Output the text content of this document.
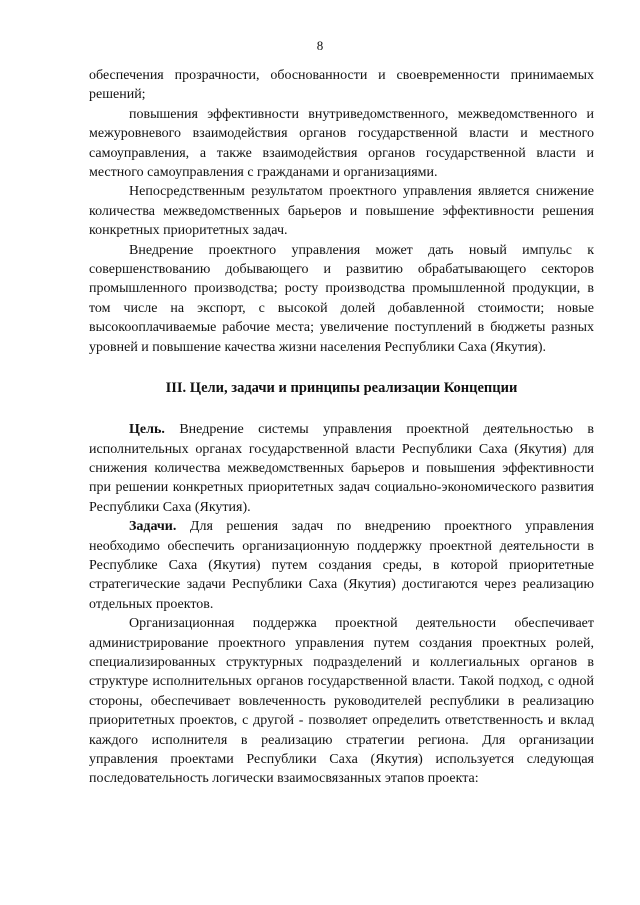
8

обеспечения прозрачности, обоснованности и своевременности принимаемых решений;

повышения эффективности внутриведомственного, межведомственного и межуровневого взаимодействия органов государственной власти и местного самоуправления, а также взаимодействия органов государственной власти и местного самоуправления с гражданами и организациями.

Непосредственным результатом проектного управления является снижение количества межведомственных барьеров и повышение эффективности решения конкретных приоритетных задач.

Внедрение проектного управления может дать новый импульс к совершенствованию добывающего и развитию обрабатывающего секторов промышленного производства; росту производства промышленной продукции, в том числе на экспорт, с высокой долей добавленной стоимости; новые высокооплачиваемые рабочие места; увеличение поступлений в бюджеты разных уровней и повышение качества жизни населения Республики Саха (Якутия).

III. Цели, задачи и принципы реализации Концепции

Цель. Внедрение системы управления проектной деятельностью в исполнительных органах государственной власти Республики Саха (Якутия) для снижения количества межведомственных барьеров и повышения эффективности при решении конкретных приоритетных задач социально-экономического развития Республики Саха (Якутия).

Задачи. Для решения задач по внедрению проектного управления необходимо обеспечить организационную поддержку проектной деятельности в Республике Саха (Якутия) путем создания среды, в которой приоритетные стратегические задачи Республики Саха (Якутия) достигаются через реализацию отдельных проектов.

Организационная поддержка проектной деятельности обеспечивает администрирование проектного управления путем создания проектных ролей, специализированных структурных подразделений и коллегиальных органов в структуре исполнительных органов государственной власти. Такой подход, с одной стороны, обеспечивает вовлеченность руководителей республики в реализацию приоритетных проектов, с другой - позволяет определить ответственность и вклад каждого исполнителя в реализацию стратегии региона. Для организации управления проектами Республики Саха (Якутия) используется следующая последовательность логически взаимосвязанных этапов проекта:
